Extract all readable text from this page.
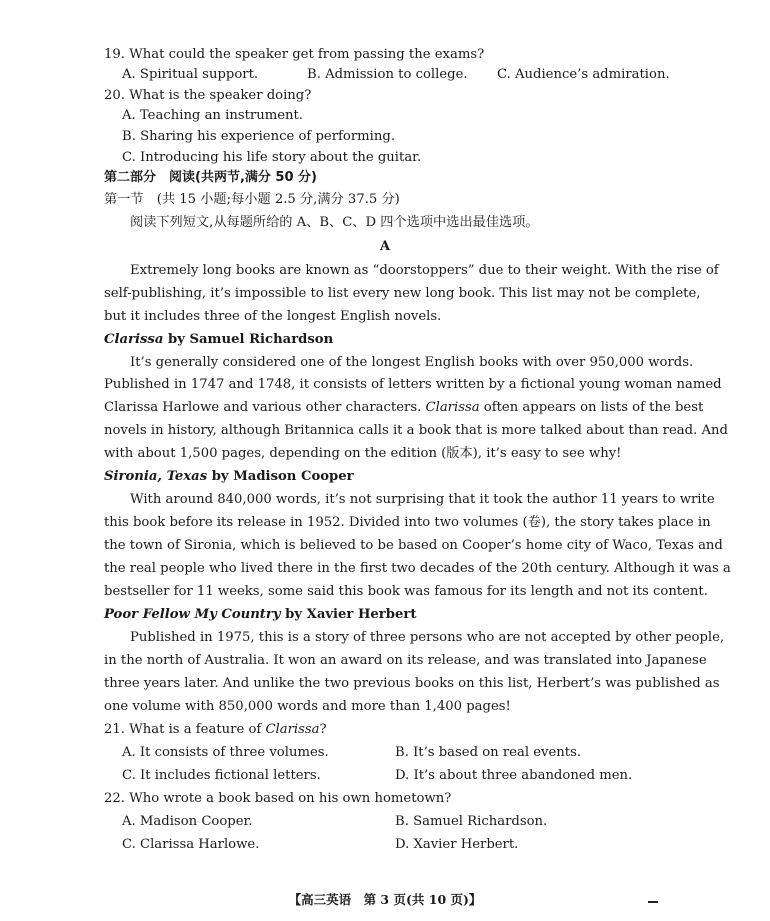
19. What could the speaker get from passing the exams?
A. Spiritual support.	B. Admission to college. C. Audience’s admiration.
20. What is the speaker doing?
A. Teaching an instrument.
B. Sharing his experience of performing.
C. Introducing his life story about the guitar.
第二部分　阅读(共两节,满分 50 分)
第一节　(共 15 小题;每小题 2.5 分,满分 37.5 分)
阅读下列短文,从每题所给的 A、B、C、D 四个选项中选出最佳选项。
A
Extremely long books are known as “doorstoppers” due to their weight. With the rise of
self-publishing, it’s impossible to list every new long book. This list may not be complete,
but it includes three of the longest English novels.
Clarissa by Samuel Richardson
It’s generally considered one of the longest English books with over 950,000 words.
Published in 1747 and 1748, it consists of letters written by a fictional young woman named
Clarissa Harlowe and various other characters. Clarissa often appears on lists of the best
novels in history, although Britannica calls it a book that is more talked about than read. And
with about 1,500 pages, depending on the edition (版本), it’s easy to see why!
Sironia, Texas by Madison Cooper
With around 840,000 words, it’s not surprising that it took the author 11 years to write
this book before its release in 1952. Divided into two volumes (卷), the story takes place in
the town of Sironia, which is believed to be based on Cooper’s home city of Waco, Texas and
the real people who lived there in the first two decades of the 20th century. Although it was a
bestseller for 11 weeks, some said this book was famous for its length and not its content.
Poor Fellow My Country by Xavier Herbert
Published in 1975, this is a story of three persons who are not accepted by other people,
in the north of Australia. It won an award on its release, and was translated into Japanese
three years later. And unlike the two previous books on this list, Herbert’s was published as
one volume with 850,000 words and more than 1,400 pages!
21. What is a feature of Clarissa?
A. It consists of three volumes.	B. It’s based on real events.
C. It includes fictional letters.	D. It’s about three abandoned men.
22. Who wrote a book based on his own hometown?
A. Madison Cooper.	B. Samuel Richardson.
C. Clarissa Harlowe.	D. Xavier Herbert.
【高三英语　第 3 页(共 10 页)】
